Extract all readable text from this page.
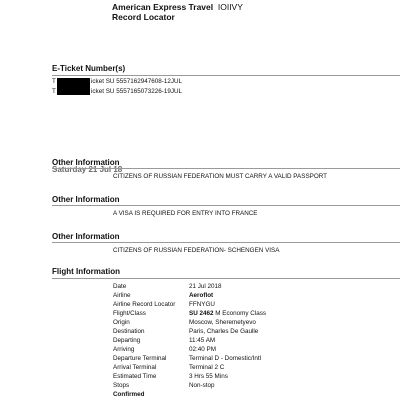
American Express Travel IOIIVY
Record Locator
E-Ticket Number(s)
T	icket SU 5557162947608-12JUL
T	icket SU 5557165073226-19JUL
Saturday 21 Jul 18
Other Information
CITIZENS OF RUSSIAN FEDERATION MUST CARRY A VALID PASSPORT
Other Information
A VISA IS REQUIRED FOR ENTRY INTO FRANCE
Other Information
CITIZENS OF RUSSIAN FEDERATION- SCHENGEN VISA
Flight Information
Date	21 Jul 2018
Airline	Aeroflot
Airline Record Locator FFNYGU
Flight/Class	SU 2462 M Economy Class
Origin	Moscow, Sheremetyevo
Destination	Paris, Charles De Gaulle
Departing	11:45 AM
Arriving	02:40 PM
Departure Terminal	Terminal D - Domestic/Intl
Arrival Terminal	Terminal 2 C
Estimated Time	3 Hrs 55 Mins
Stops	Non-stop
Confirmed
